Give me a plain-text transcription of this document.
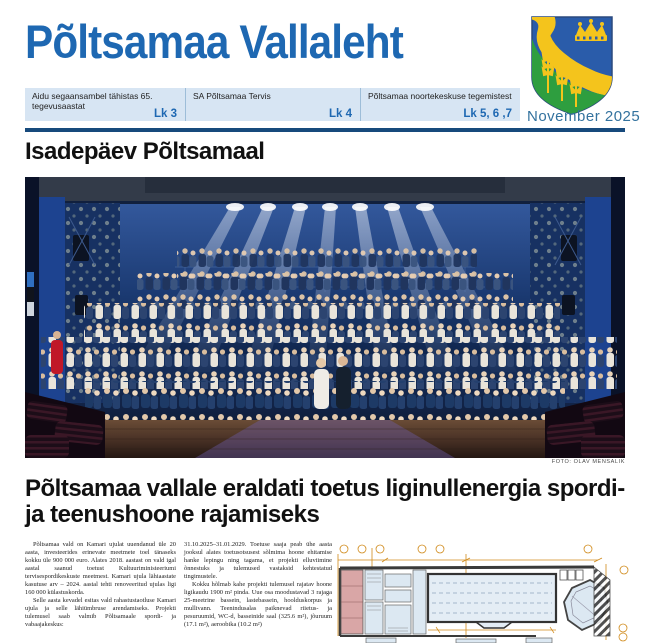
Põltsamaa Vallaleht
Aidu segaansambel tähistas 65. tegevusaastat
Lk 3
SA Põltsamaa Tervis
Lk 4
Põltsamaa noortekeskuse tegemistest
Lk 5, 6 ,7 November 2025
Isadepäev Põltsamaal
FOTO: OLAV MENSALIK
Põltsamaa vallale eraldati toetus liginullenergia spordi-
ja teenushoone rajamiseks

Põltsamaa vald on Kamari ujulat uuendanud üle 20 aasta, investeerides erinevate meetmete toel tänaseks kokku üle 900 000 euro. Alates 2018. aastast on vald igal aastal saanud toetust Kultuuriministeeriumi tervisespordikeskuste meetmest. Kamari ujula lähiaastate kasutuse arv – 2024. aastal tehti renoveeritud ujulas ligi 160 000 külastuskorda.

Selle aasta kevadel esitas vald rahastustaotluse Kamari ujula ja selle lähiümbruse arendamiseks. Projekti tulemusel saab valmib Põltsamaale spordi- ja vabaajakeskus:

31.10.2025–31.01.2029. Toetuse saaja peab ühe aasta jooksul alates toetusotsusest sõlmima hoone ehitamise hanke lepingu ning tagama, et projekti elluviimine õnnestuks ja tulemused vastaksid kehtestatud tingimustele.

Kokku hõlmab kahe projekti tulemusel rajatav hoone ligikaudu 1900 m² pinda. Uue osa moodustavad 3 rajaga 25-meetrine bassein, lastebassein, hoolduskorpus ja mullivann. Teenindusalas paiknevad riietus- ja pesuruumid, WC-d, basseinide saal (325.6 m²), jõuruum (17.1 m²), aeroobika (10.2 m²)
